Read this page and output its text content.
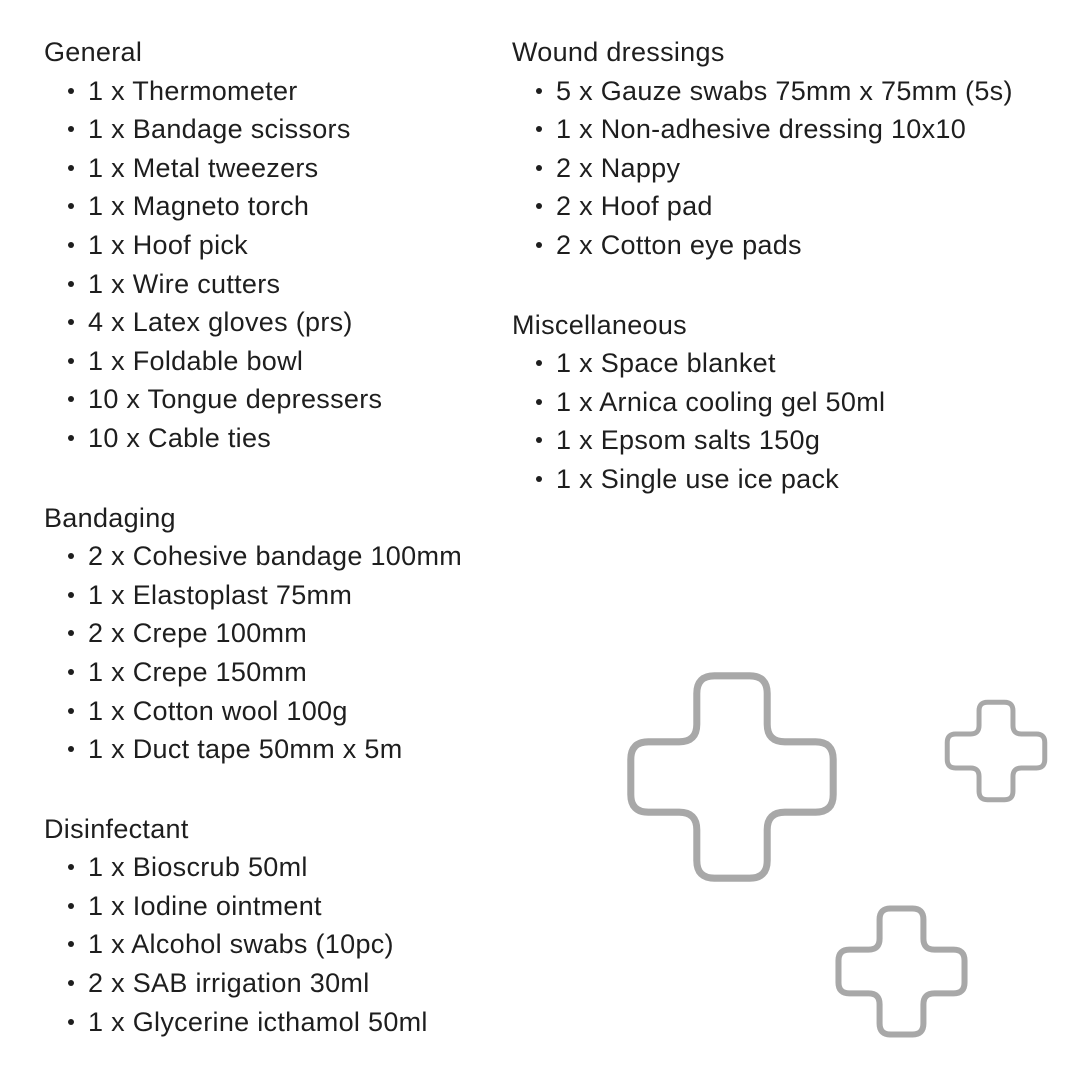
General
1 x Thermometer
1 x Bandage scissors
1 x Metal tweezers
1 x Magneto torch
1 x Hoof pick
1 x Wire cutters
4 x Latex gloves (prs)
1 x Foldable bowl
10 x Tongue depressers
10 x Cable ties
Bandaging
2 x Cohesive bandage 100mm
1 x Elastoplast 75mm
2 x Crepe 100mm
1 x Crepe 150mm
1 x Cotton wool 100g
1 x Duct tape 50mm x 5m
Disinfectant
1 x Bioscrub 50ml
1 x Iodine ointment
1 x Alcohol swabs (10pc)
2 x SAB irrigation 30ml
1 x Glycerine icthamol 50ml
Wound dressings
5 x Gauze swabs 75mm x 75mm (5s)
1 x Non-adhesive dressing 10x10
2 x Nappy
2 x Hoof pad
2 x Cotton eye pads
Miscellaneous
1 x Space blanket
1 x Arnica cooling gel 50ml
1 x Epsom salts 150g
1 x Single use ice pack
